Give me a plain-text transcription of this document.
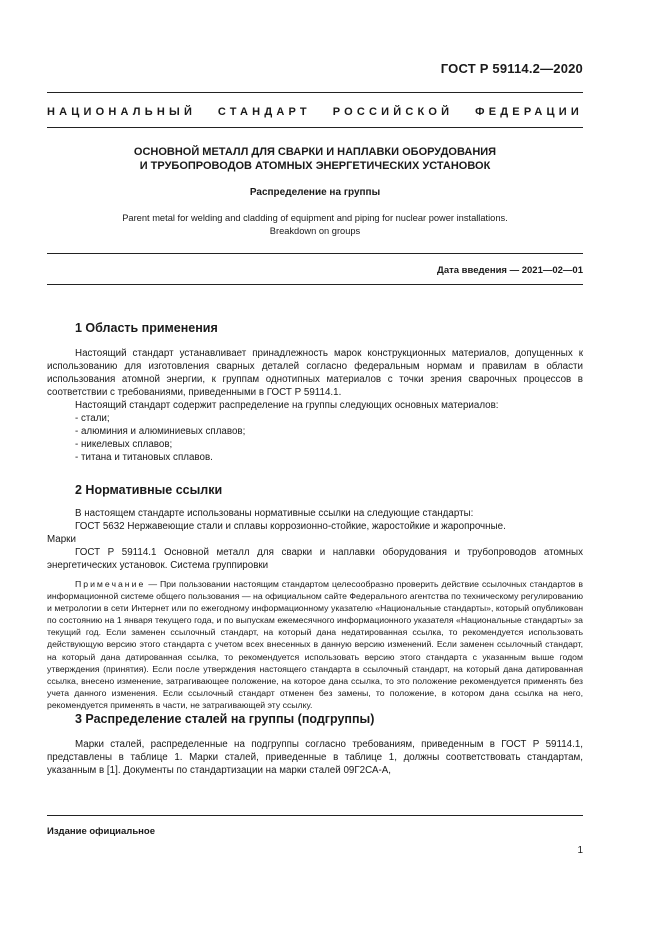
ГОСТ Р 59114.2—2020
НАЦИОНАЛЬНЫЙ СТАНДАРТ РОССИЙСКОЙ ФЕДЕРАЦИИ
ОСНОВНОЙ МЕТАЛЛ ДЛЯ СВАРКИ И НАПЛАВКИ ОБОРУДОВАНИЯ
И ТРУБОПРОВОДОВ АТОМНЫХ ЭНЕРГЕТИЧЕСКИХ УСТАНОВОК
Распределение на группы
Parent metal for welding and cladding of equipment and piping for nuclear power installations.
Breakdown on groups
Дата введения — 2021—02—01
1 Область применения

Настоящий стандарт устанавливает принадлежность марок конструкционных материалов, допущенных к использованию для изготовления сварных деталей согласно федеральным нормам и правилам в области использования атомной энергии, к группам однотипных материалов с точки зрения сварочных процессов в соответствии с требованиями, приведенными в ГОСТ Р 59114.1.

Настоящий стандарт содержит распределение на группы следующих основных материалов:

- стали;

- алюминия и алюминиевых сплавов;

- никелевых сплавов;

- титана и титановых сплавов.

2 Нормативные ссылки

В настоящем стандарте использованы нормативные ссылки на следующие стандарты:

ГОСТ 5632 Нержавеющие стали и сплавы коррозионно-стойкие, жаростойкие и жаропрочные.

Марки

ГОСТ Р 59114.1 Основной металл для сварки и наплавки оборудования и трубопроводов атомных энергетических установок. Система группировки

Примечание — При пользовании настоящим стандартом целесообразно проверить действие ссылочных стандартов в информационной системе общего пользования — на официальном сайте Федерального агентства по техническому регулированию и метрологии в сети Интернет или по ежегодному информационному указателю «Национальные стандарты», который опубликован по состоянию на 1 января текущего года, и по выпускам ежемесячного информационного указателя «Национальные стандарты» за текущий год. Если заменен ссылочный стандарт, на который дана недатированная ссылка, то рекомендуется использовать действующую версию этого стандарта с учетом всех внесенных в данную версию изменений. Если заменен ссылочный стандарт, на который дана датированная ссылка, то рекомендуется использовать версию этого стандарта с указанным выше годом утверждения (принятия). Если после утверждения настоящего стандарта в ссылочный стандарт, на который дана датированная ссылка, внесено изменение, затрагивающее положение, на которое дана ссылка, то это положение рекомендуется применять без учета данного изменения. Если ссылочный стандарт отменен без замены, то положение, в котором дана ссылка на него, рекомендуется применять в части, не затрагивающей эту ссылку.

3 Распределение сталей на группы (подгруппы)

Марки сталей, распределенные на подгруппы согласно требованиям, приведенным в ГОСТ Р 59114.1, представлены в таблице 1. Марки сталей, приведенные в таблице 1, должны соответствовать стандартам, указанным в [1]. Документы по стандартизации на марки сталей 09Г2СА-А,

Издание официальное
1
